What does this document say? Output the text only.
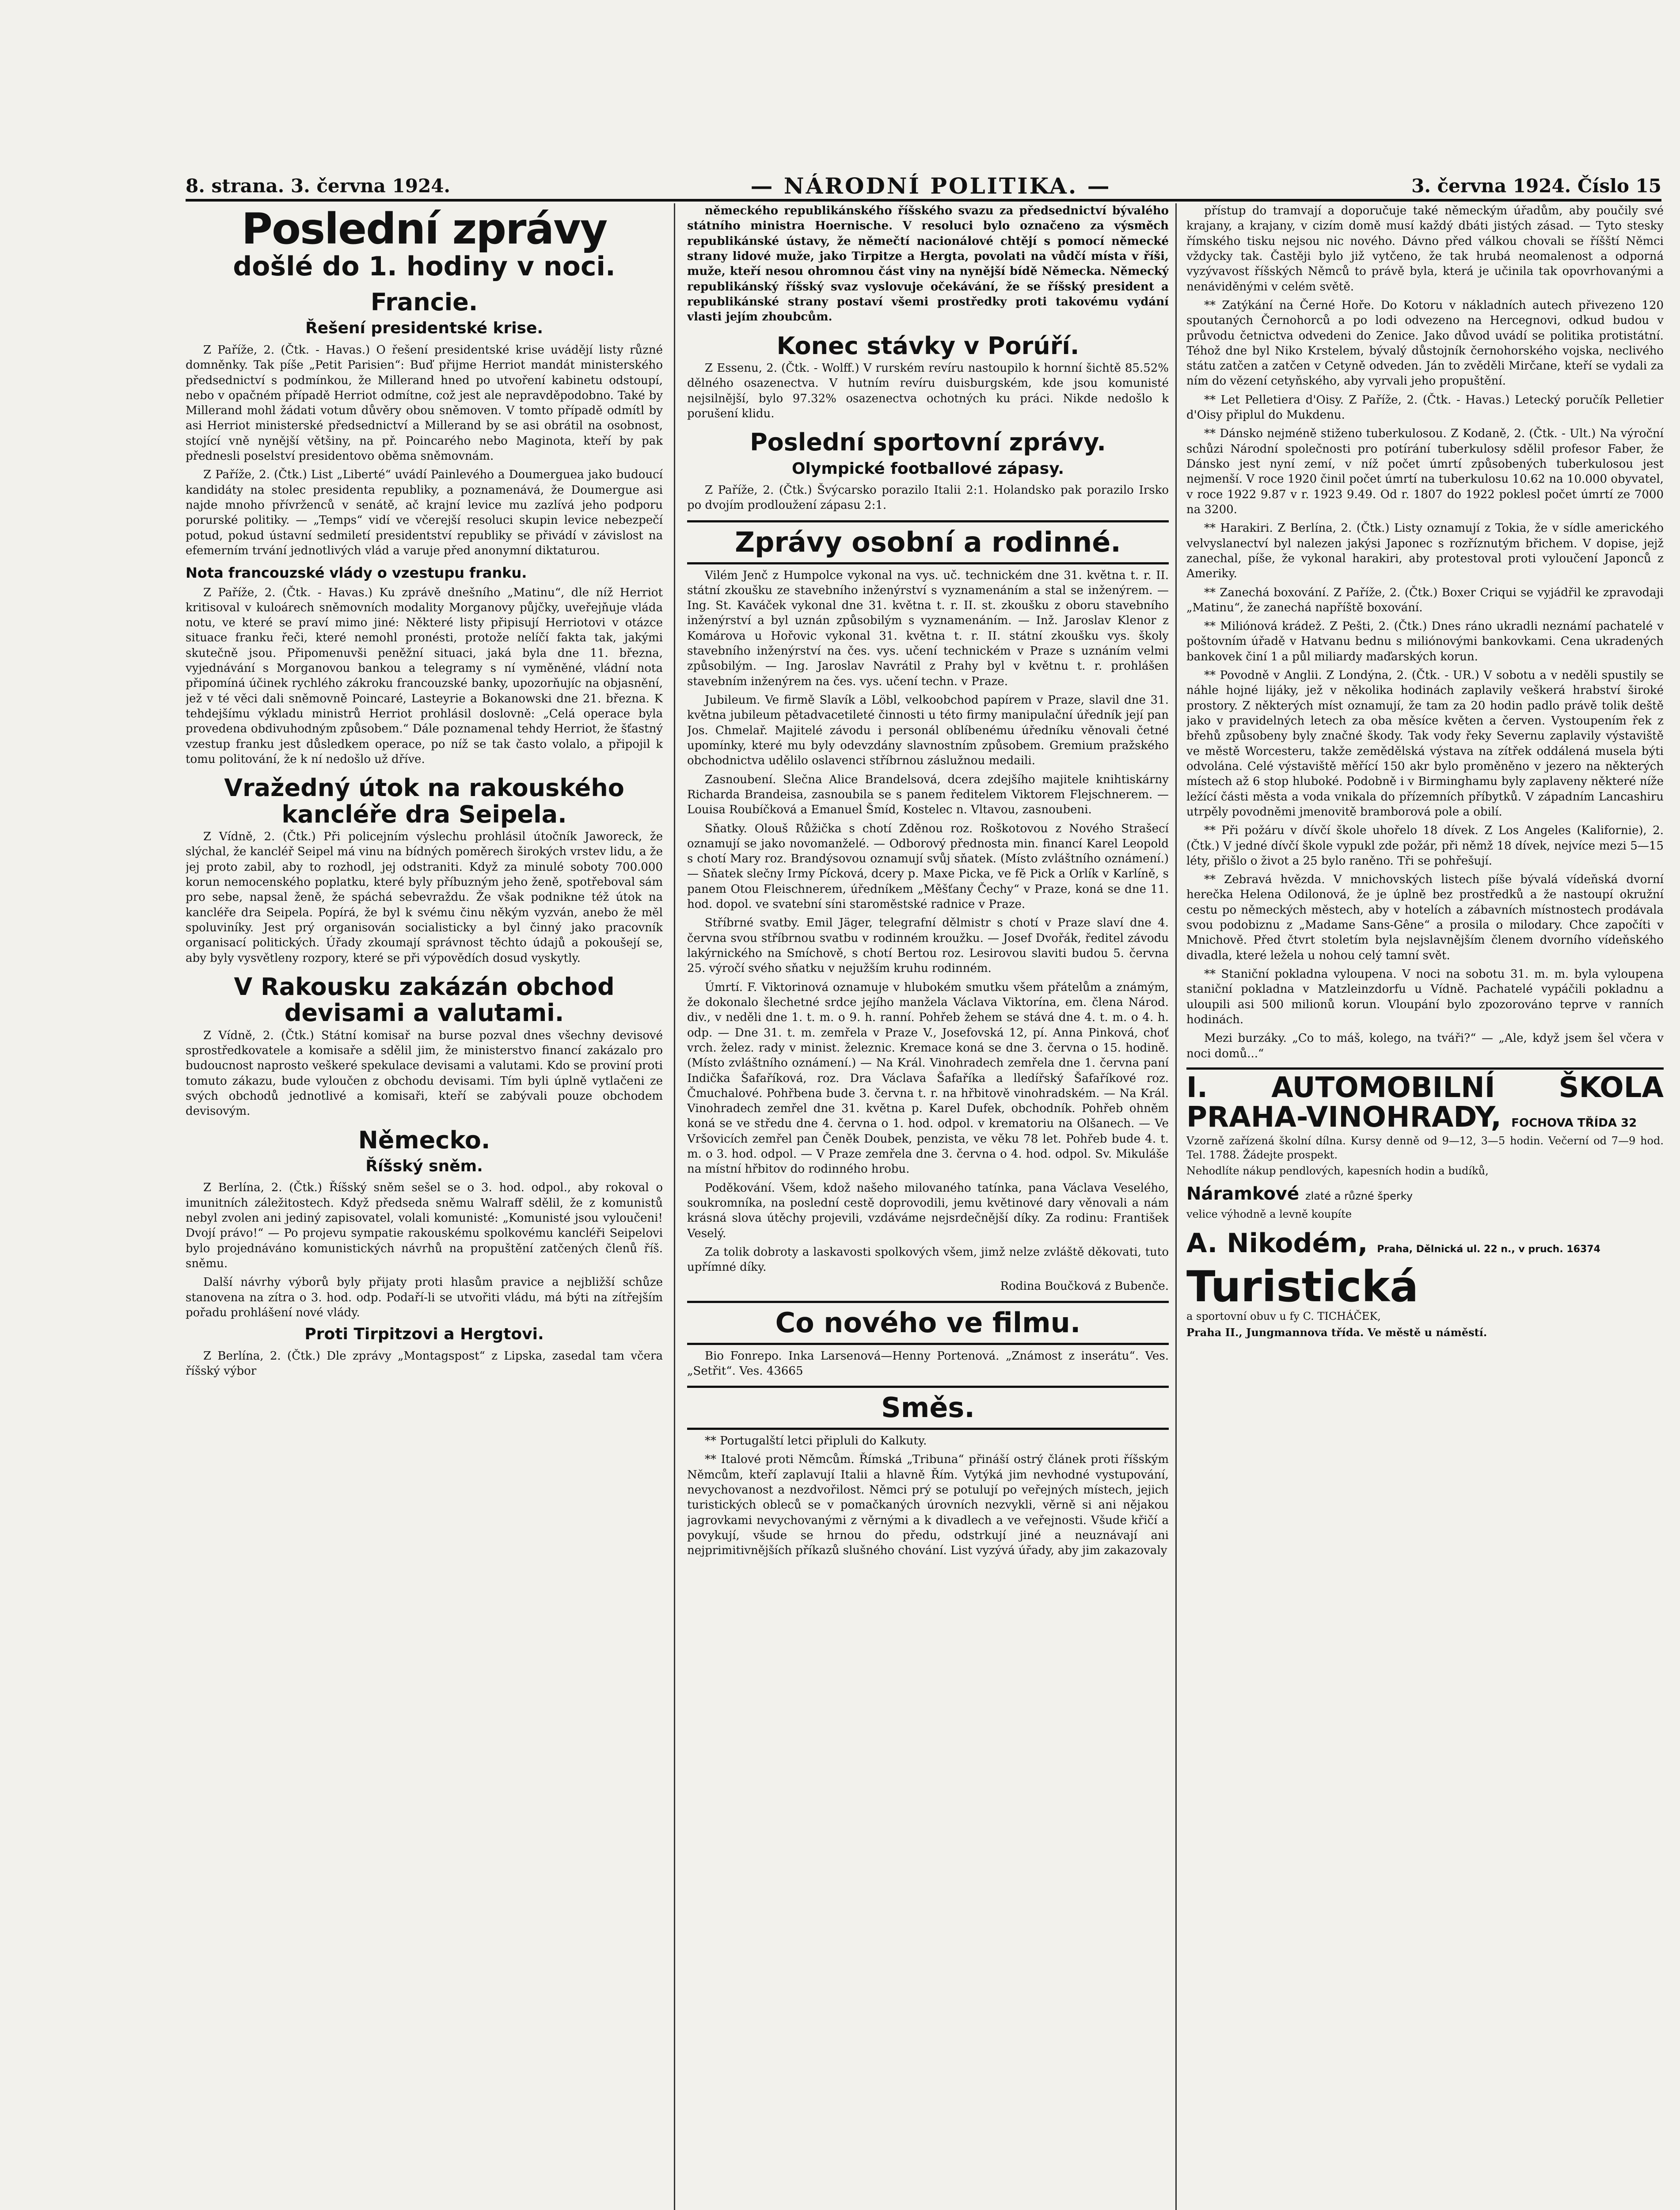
8. strana. 3. června 1924.	— NÁRODNÍ POLITIKA. —	3. června 1924. Číslo 15
Poslední zprávy
došlé do 1. hodiny v noci.
Francie.
Řešení presidentské krise.

Z Paříže, 2. (Čtk. - Havas.) O řešení presidentské krise uvádějí listy různé domněnky. Tak píše „Petit Parisien“: Buď přijme Herriot mandát ministerského předsednictví s podmínkou, že Millerand hned po utvoření kabinetu odstoupí, nebo v opačném případě Herriot odmítne, což jest ale nepravděpodobno. Také by Millerand mohl žádati votum důvěry obou sněmoven. V tomto případě odmítl by asi Herriot ministerské předsednictví a Millerand by se asi obrátil na osobnost, stojící vně nynější většiny, na př. Poincarého nebo Maginota, kteří by pak přednesli poselství presidentovo oběma sněmovnám.

Z Paříže, 2. (Čtk.) List „Liberté“ uvádí Painlevého a Doumerguea jako budoucí kandidáty na stolec presidenta republiky, a poznamenává, že Doumergue asi najde mnoho přívrženců v senátě, ač krajní levice mu zazlívá jeho podporu porurské politiky. — „Temps“ vidí ve včerejší resoluci skupin levice nebezpečí potud, pokud ústavní sedmiletí presidentství republiky se přivádí v závislost na efemerním trvání jednotlivých vlád a varuje před anonymní diktaturou.

Nota francouzské vlády o vzestupu franku.

Z Paříže, 2. (Čtk. - Havas.) Ku zprávě dnešního „Matinu“, dle níž Herriot kritisoval v kuloárech sněmovních modality Morganovy půjčky, uveřejňuje vláda notu, ve které se praví mimo jiné: Některé listy připisují Herriotovi v otázce situace franku řeči, které nemohl pronésti, protože nelíčí fakta tak, jakými skutečně jsou. Připomenuvši peněžní situaci, jaká byla dne 11. března, vyjednávání s Morganovou bankou a telegramy s ní vyměněné, vládní nota připomíná účinek rychlého zákroku francouzské banky, upozorňujíc na objasnění, jež v té věci dali sněmovně Poincaré, Lasteyrie a Bokanowski dne 21. března. K tehdejšímu výkladu ministrů Herriot prohlásil doslovně: „Celá operace byla provedena obdivuhodným způsobem.“ Dále poznamenal tehdy Herriot, že šťastný vzestup franku jest důsledkem operace, po níž se tak často volalo, a připojil k tomu politování, že k ní nedošlo už dříve.

Vražedný útok na rakouského kancléře dra Seipela.

Z Vídně, 2. (Čtk.) Při policejním výslechu prohlásil útočník Jaworeck, že slýchal, že kancléř Seipel má vinu na bídných poměrech širokých vrstev lidu, a že jej proto zabil, aby to rozhodl, jej odstraniti. Když za minulé soboty 700.000 korun nemocenského poplatku, které byly příbuzným jeho ženě, spotřeboval sám pro sebe, napsal ženě, že spáchá sebevraždu. Že však podnikne též útok na kancléře dra Seipela. Popírá, že byl k svému činu někým vyzván, anebo že měl spoluviníky. Jest prý organisován socialisticky a byl činný jako pracovník organisací politických. Úřady zkoumají správnost těchto údajů a pokoušejí se, aby byly vysvětleny rozpory, které se při výpovědích dosud vyskytly.

V Rakousku zakázán obchod devisami a valutami.

Z Vídně, 2. (Čtk.) Státní komisař na burse pozval dnes všechny devisové sprostředkovatele a komisaře a sdělil jim, že ministerstvo financí zakázalo pro budoucnost naprosto veškeré spekulace devisami a valutami. Kdo se proviní proti tomuto zákazu, bude vyloučen z obchodu devisami. Tím byli úplně vytlačeni ze svých obchodů jednotlivé a komisaři, kteří se zabývali pouze obchodem devisovým.

Německo.
Říšský sněm.

Z Berlína, 2. (Čtk.) Říšský sněm sešel se o 3. hod. odpol., aby rokoval o imunitních záležitostech. Když předseda sněmu Walraff sdělil, že z komunistů nebyl zvolen ani jediný zapisovatel, volali komunisté: „Komunisté jsou vyloučeni! Dvojí právo!“ — Po projevu sympatie rakouskému spolkovému kancléři Seipelovi bylo projednáváno komunistických návrhů na propuštění zatčených členů říš. sněmu.

Další návrhy výborů byly přijaty proti hlasům pravice a nejbližší schůze stanovena na zítra o 3. hod. odp. Podaří-li se utvořiti vládu, má býti na zítřejším pořadu prohlášení nové vlády.

Proti Tirpitzovi a Hergtovi.

Z Berlína, 2. (Čtk.) Dle zprávy „Montagspost“ z Lipska, zasedal tam včera říšský výbor

německého republikánského říšského svazu za předsednictví bývalého státního ministra Hoernische. V resoluci bylo označeno za výsměch republikánské ústavy, že němečtí nacionálové chtějí s pomocí německé strany lidové muže, jako Tirpitze a Hergta, povolati na vůdčí místa v říši, muže, kteří nesou ohromnou část viny na nynější bídě Německa. Německý republikánský říšský svaz vyslovuje očekávání, že se říšský president a republikánské strany postaví všemi prostředky proti takovému vydání vlasti jejím zhoubcům.

Konec stávky v Porúří.

Z Essenu, 2. (Čtk. - Wolff.) V rurském revíru nastoupilo k hornní šichtě 85.52% dělného osazenectva. V hutním revíru duisburgském, kde jsou komunisté nejsilnější, bylo 97.32% osazenectva ochotných ku práci. Nikde nedošlo k porušení klidu.

Poslední sportovní zprávy.
Olympické footballové zápasy.

Z Paříže, 2. (Čtk.) Švýcarsko porazilo Italii 2:1. Holandsko pak porazilo Irsko po dvojím prodloužení zápasu 2:1.

Zprávy osobní a rodinné.

Vilém Jenč z Humpolce vykonal na vys. uč. technickém dne 31. května t. r. II. státní zkoušku ze stavebního inženýrství s vyznamenáním a stal se inženýrem. — Ing. St. Kaváček vykonal dne 31. května t. r. II. st. zkoušku z oboru stavebního inženýrství a byl uznán způsobilým s vyznamenáním. — Inž. Jaroslav Klenor z Komárova u Hořovic vykonal 31. května t. r. II. státní zkoušku vys. školy stavebního inženýrství na čes. vys. učení technickém v Praze s uznáním velmi způsobilým. — Ing. Jaroslav Navrátil z Prahy byl v květnu t. r. prohlášen stavebním inženýrem na čes. vys. učení techn. v Praze.

Jubileum. Ve firmě Slavík a Löbl, velkoobchod papírem v Praze, slavil dne 31. května jubileum pětadvacetileté činnosti u této firmy manipulační úředník její pan Jos. Chmelař. Majitelé závodu i personál oblíbenému úředníku věnovali četné upomínky, které mu byly odevzdány slavnostním způsobem. Gremium pražského obchodnictva udělilo oslavenci stříbrnou záslužnou medaili.

Zasnoubení. Slečna Alice Brandelsová, dcera zdejšího majitele knihtiskárny Richarda Brandeisa, zasnoubila se s panem ředitelem Viktorem Flejschnerem. — Louisa Roubíčková a Emanuel Šmíd, Kostelec n. Vltavou, zasnoubeni.

Sňatky. Olouš Růžička s chotí Zděnou roz. Roškotovou z Nového Strašecí oznamují se jako novomanželé. — Odborový přednosta min. financí Karel Leopold s chotí Mary roz. Brandýsovou oznamují svůj sňatek. (Místo zvláštního oznámení.) — Sňatek slečny Irmy Pícková, dcery p. Maxe Picka, ve fě Pick a Orlík v Karlíně, s panem Otou Fleischnerem, úředníkem „Měšťany Čechy“ v Praze, koná se dne 11. hod. dopol. ve svatební síni staroměstské radnice v Praze.

Stříbrné svatby. Emil Jäger, telegrafní dělmistr s chotí v Praze slaví dne 4. června svou stříbrnou svatbu v rodinném kroužku. — Josef Dvořák, ředitel závodu lakýrnického na Smíchově, s chotí Bertou roz. Lesirovou slaviti budou 5. června 25. výročí svého sňatku v nejužším kruhu rodinném.

Úmrtí. F. Viktorinová oznamuje v hlubokém smutku všem přátelům a známým, že dokonalo šlechetné srdce jejího manžela Václava Viktorína, em. člena Národ. div., v neděli dne 1. t. m. o 9. h. ranní. Pohřeb žehem se stává dne 4. t. m. o 4. h. odp. — Dne 31. t. m. zemřela v Praze V., Josefovská 12, pí. Anna Pinková, choť vrch. želez. rady v minist. železnic. Kremace koná se dne 3. června o 15. hodině. (Místo zvláštního oznámení.) — Na Král. Vinohradech zemřela dne 1. června paní Indička Šafaříková, roz. Dra Václava Šafaříka a lledířský Šafaříkové roz. Čmuchalové. Pohřbena bude 3. června t. r. na hřbitově vinohradském. — Na Král. Vinohradech zemřel dne 31. května p. Karel Dufek, obchodník. Pohřeb ohněm koná se ve středu dne 4. června o 1. hod. odpol. v krematoriu na Olšanech. — Ve Vršovicích zemřel pan Čeněk Doubek, penzista, ve věku 78 let. Pohřeb bude 4. t. m. o 3. hod. odpol. — V Praze zemřela dne 3. června o 4. hod. odpol. Sv. Mikuláše na místní hřbitov do rodinného hrobu.

Poděkování. Všem, kdož našeho milovaného tatínka, pana Václava Veselého, soukromníka, na poslední cestě doprovodili, jemu květinové dary věnovali a nám krásná slova útěchy projevili, vzdáváme nejsrdečnější díky. Za rodinu: František Veselý.

Za tolik dobroty a laskavosti spolkových všem, jimž nelze zvláště děkovati, tuto upřímné díky.

Rodina Boučková z Bubenče.

Co nového ve filmu.

Bio Fonrepo. Inka Larsenová—Henny Portenová. „Známost z inserátu“. Ves. „Setřit“. Ves. 43665

Směs.

** Portugalští letci připluli do Kalkuty.

** Italové proti Němcům. Římská „Tribuna“ přináší ostrý článek proti říšským Němcům, kteří zaplavují Italii a hlavně Řím. Vytýká jim nevhodné vystupování, nevychovanost a nezdvořilost. Němci prý se potulují po veřejných místech, jejich turistických obleců se v pomačkaných úrovních nezvykli, věrně si ani nějakou jagrovkami nevychovanými z věrnými a k divadlech a ve veřejnosti. Všude křičí a povykují, všude se hrnou do předu, odstrkují jiné a neuznávají ani nejprimitivnějších příkazů slušného chování. List vyzývá úřady, aby jim zakazovaly

přístup do tramvají a doporučuje také německým úřadům, aby poučily své krajany, a krajany, v cizím domě musí každý dbáti jistých zásad. — Tyto stesky římského tisku nejsou nic nového. Dávno před válkou chovali se říšští Němci vždycky tak. Častěji bylo již vytčeno, že tak hrubá neomalenost a odporná vyzývavost říšských Němců to právě byla, která je učinila tak opovrhovanými a nenáviděnými v celém světě.

** Zatýkání na Černé Hoře. Do Kotoru v nákladních autech přivezeno 120 spoutaných Černohorců a po lodi odvezeno na Hercegnovi, odkud budou v průvodu četnictva odvedeni do Zenice. Jako důvod uvádí se politika protistátní. Téhož dne byl Niko Krstelem, bývalý důstojník černohorského vojska, neclivého státu zatčen a zatčen v Cetyně odveden. Ján to zvěděli Mirčane, kteří se vydali za ním do vězení cetyňského, aby vyrvali jeho propuštění.

** Let Pelletiera d'Oisy. Z Paříže, 2. (Čtk. - Havas.) Letecký poručík Pelletier d'Oisy připlul do Mukdenu.

** Dánsko nejméně stiženo tuberkulosou. Z Kodaně, 2. (Čtk. - Ult.) Na výroční schůzi Národní společnosti pro potírání tuberkulosy sdělil profesor Faber, že Dánsko jest nyní zemí, v níž počet úmrtí způsobených tuberkulosou jest nejmenší. V roce 1920 činil počet úmrtí na tuberkulosu 10.62 na 10.000 obyvatel, v roce 1922 9.87 v r. 1923 9.49. Od r. 1807 do 1922 poklesl počet úmrtí ze 7000 na 3200.

** Harakiri. Z Berlína, 2. (Čtk.) Listy oznamují z Tokia, že v sídle amerického velvyslanectví byl nalezen jakýsi Japonec s rozříznutým břichem. V dopise, jejž zanechal, píše, že vykonal harakiri, aby protestoval proti vyloučení Japonců z Ameriky.

** Zanechá boxování. Z Paříže, 2. (Čtk.) Boxer Criqui se vyjádřil ke zpravodaji „Matinu“, že zanechá napříště boxování.

** Miliónová krádež. Z Pešti, 2. (Čtk.) Dnes ráno ukradli neznámí pachatelé v poštovním úřadě v Hatvanu bednu s miliónovými bankovkami. Cena ukradených bankovek činí 1 a půl miliardy maďarských korun.

** Povodně v Anglii. Z Londýna, 2. (Čtk. - UR.) V sobotu a v neděli spustily se náhle hojné lijáky, jež v několika hodinách zaplavily veškerá hrabství široké prostory. Z některých míst oznamují, že tam za 20 hodin padlo právě tolik deště jako v pravidelných letech za oba měsíce květen a červen. Vystoupením řek z břehů způsobeny byly značné škody. Tak vody řeky Severnu zaplavily výstaviště ve městě Worcesteru, takže zemědělská výstava na zítřek oddálená musela býti odvolána. Celé výstaviště měřící 150 akr bylo proměněno v jezero na některých místech až 6 stop hluboké. Podobně i v Birminghamu byly zaplaveny některé níže ležící části města a voda vnikala do přízemních příbytků. V západním Lancashiru utrpěly povodněmi jmenovitě bramborová pole a obilí.

** Při požáru v dívčí škole uhořelo 18 dívek. Z Los Angeles (Kalifornie), 2. (Čtk.) V jedné dívčí škole vypukl zde požár, při němž 18 dívek, nejvíce mezi 5—15 léty, přišlo o život a 25 bylo raněno. Tři se pohřešují.

** Zebravá hvězda. V mnichovských listech píše bývalá vídeňská dvorní herečka Helena Odilonová, že je úplně bez prostředků a že nastoupí okružní cestu po německých městech, aby v hotelích a zábavních místnostech prodávala svou podobiznu z „Madame Sans-Gêne“ a prosila o milodary. Chce započíti v Mnichově. Před čtvrt stoletím byla nejslavnějším členem dvorního vídeňského divadla, které ležela u nohou celý tamní svět.

** Staniční pokladna vyloupena. V noci na sobotu 31. m. m. byla vyloupena staniční pokladna v Matzleinzdorfu u Vídně. Pachatelé vypáčili pokladnu a uloupili asi 500 milionů korun. Vloupání bylo zpozorováno teprve v ranních hodinách.

Mezi burzáky. „Co to máš, kolego, na tváři?“ — „Ale, když jsem šel včera v noci domů...“

I. AUTOMOBILNÍ ŠKOLA PRAHA-VINOHRADY, FOCHOVA TŘÍDA 32
Vzorně zařízená školní dílna. Kursy denně od 9—12, 3—5 hodin. Večerní od 7—9 hod. Tel. 1788. Žádejte prospekt.
Nehodlíte nákup pendlových, kapesních hodin a budíků,
Náramkové zlaté a různé šperky
velice výhodně a levně koupíte
A. Nikodém, Praha, Dělnická ul. 22 n., v pruch. 16374
Turistická
a sportovní obuv u fy C. TICHÁČEK,
Praha II., Jungmannova třída. Ve městě u náměstí.
